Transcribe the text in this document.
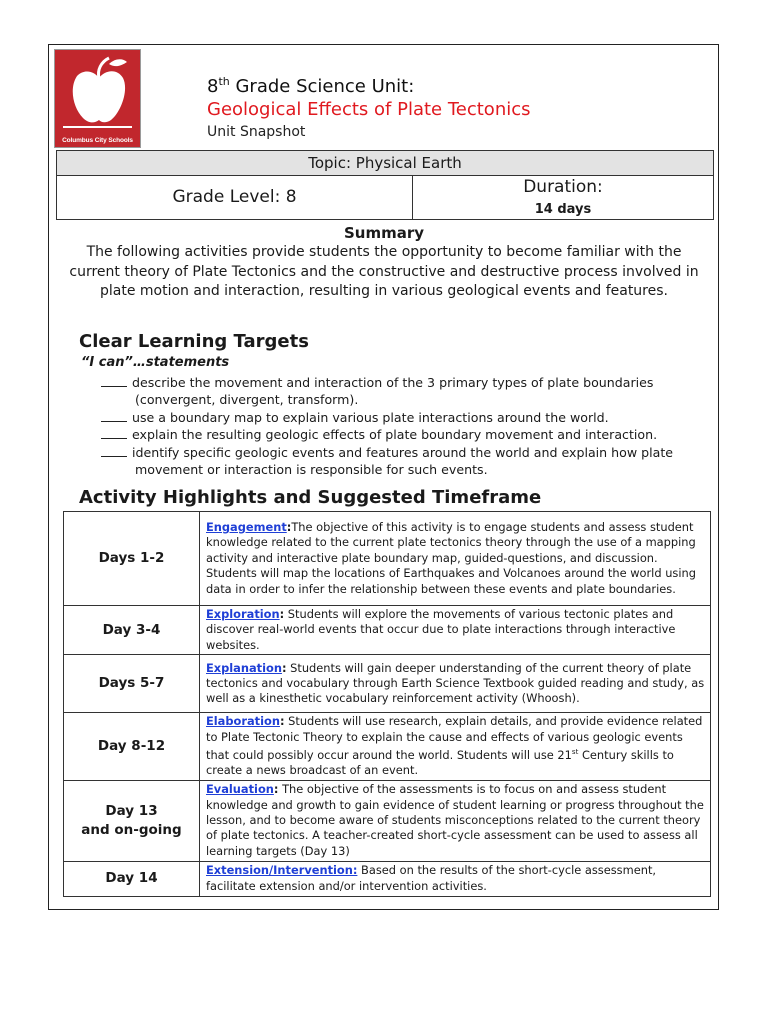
Columbus City Schools
8th Grade Science Unit:
Geological Effects of Plate Tectonics
Unit Snapshot
Topic: Physical Earth
Grade Level: 8	Duration:
14 days
Summary
The following activities provide students the opportunity to become familiar with the current theory of Plate Tectonics and the constructive and destructive process involved in plate motion and interaction, resulting in various geological events and features.
Clear Learning Targets
“I can”…statements
describe the movement and interaction of the 3 primary types of plate boundaries (convergent, divergent, transform).
use a boundary map to explain various plate interactions around the world.
explain the resulting geologic effects of plate boundary movement and interaction.
identify specific geologic events and features around the world and explain how plate movement or interaction is responsible for such events.
Activity Highlights and Suggested Timeframe
Days 1-2	Engagement:The objective of this activity is to engage students and assess student knowledge related to the current plate tectonics theory through the use of a mapping activity and interactive plate boundary map, guided-questions, and discussion. Students will map the locations of Earthquakes and Volcanoes around the world using data in order to infer the relationship between these events and plate boundaries.
Day 3-4	Exploration: Students will explore the movements of various tectonic plates and discover real-world events that occur due to plate interactions through interactive websites.
Days 5-7	Explanation: Students will gain deeper understanding of the current theory of plate tectonics and vocabulary through Earth Science Textbook guided reading and study, as well as a kinesthetic vocabulary reinforcement activity (Whoosh).
Day 8-12	Elaboration: Students will use research, explain details, and provide evidence related to Plate Tectonic Theory to explain the cause and effects of various geologic events that could possibly occur around the world. Students will use 21st Century skills to create a news broadcast of an event.
Day 13
and on-going	Evaluation: The objective of the assessments is to focus on and assess student knowledge and growth to gain evidence of student learning or progress throughout the lesson, and to become aware of students misconceptions related to the current theory of plate tectonics. A teacher-created short-cycle assessment can be used to assess all learning targets (Day 13)
Day 14	Extension/Intervention: Based on the results of the short-cycle assessment, facilitate extension and/or intervention activities.
